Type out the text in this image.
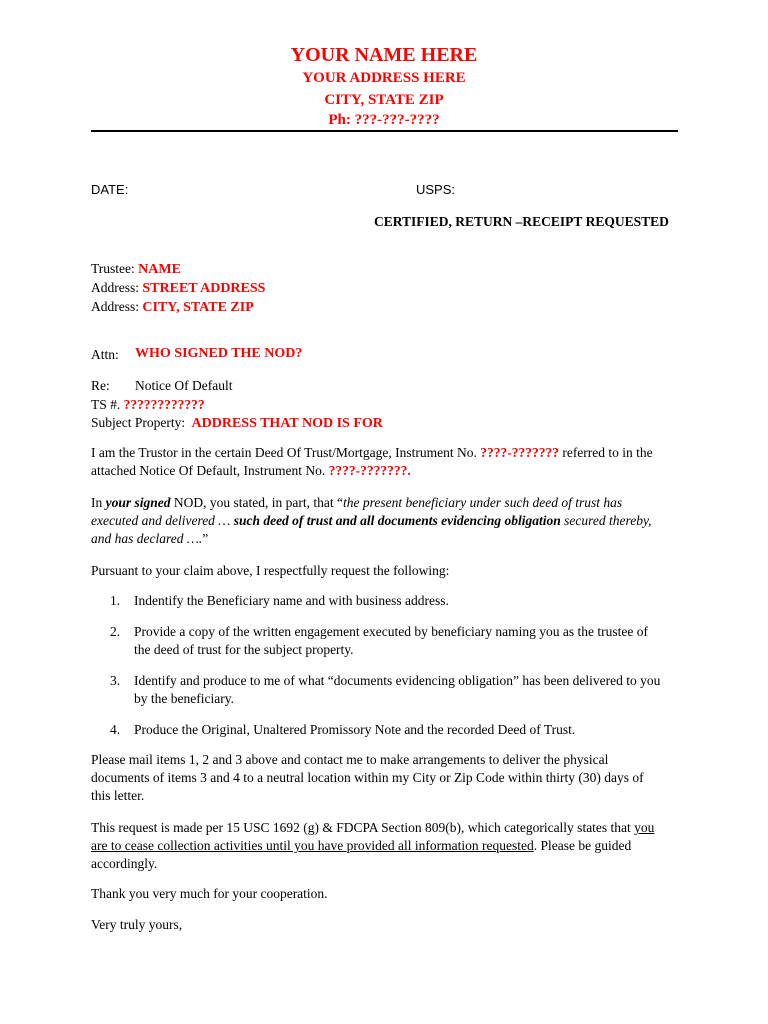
YOUR NAME HERE
YOUR ADDRESS HERE
CITY, STATE ZIP
Ph: ???-???-????
DATE:	USPS:
CERTIFIED, RETURN –RECEIPT REQUESTED
Trustee: NAME
Address: STREET ADDRESS
Address: CITY, STATE ZIP
Attn: WHO SIGNED THE NOD?
Re: Notice Of Default
TS #. ????????????
Subject Property: ADDRESS THAT NOD IS FOR
I am the Trustor in the certain Deed Of Trust/Mortgage, Instrument No. ????-??????? referred to in the
attached Notice Of Default, Instrument No. ????-???????.
In your signed NOD, you stated, in part, that “the present beneficiary under such deed of trust has
executed and delivered … such deed of trust and all documents evidencing obligation secured thereby,
and has declared ….”
Pursuant to your claim above, I respectfully request the following:
1. Indentify the Beneficiary name and with business address.
2. Provide a copy of the written engagement executed by beneficiary naming you as the trustee of
the deed of trust for the subject property.
3. Identify and produce to me of what “documents evidencing obligation” has been delivered to you
by the beneficiary.
4. Produce the Original, Unaltered Promissory Note and the recorded Deed of Trust.
Please mail items 1, 2 and 3 above and contact me to make arrangements to deliver the physical
documents of items 3 and 4 to a neutral location within my City or Zip Code within thirty (30) days of
this letter.
This request is made per 15 USC 1692 (g) & FDCPA Section 809(b), which categorically states that you
are to cease collection activities until you have provided all information requested. Please be guided
accordingly.
Thank you very much for your cooperation.
Very truly yours,
